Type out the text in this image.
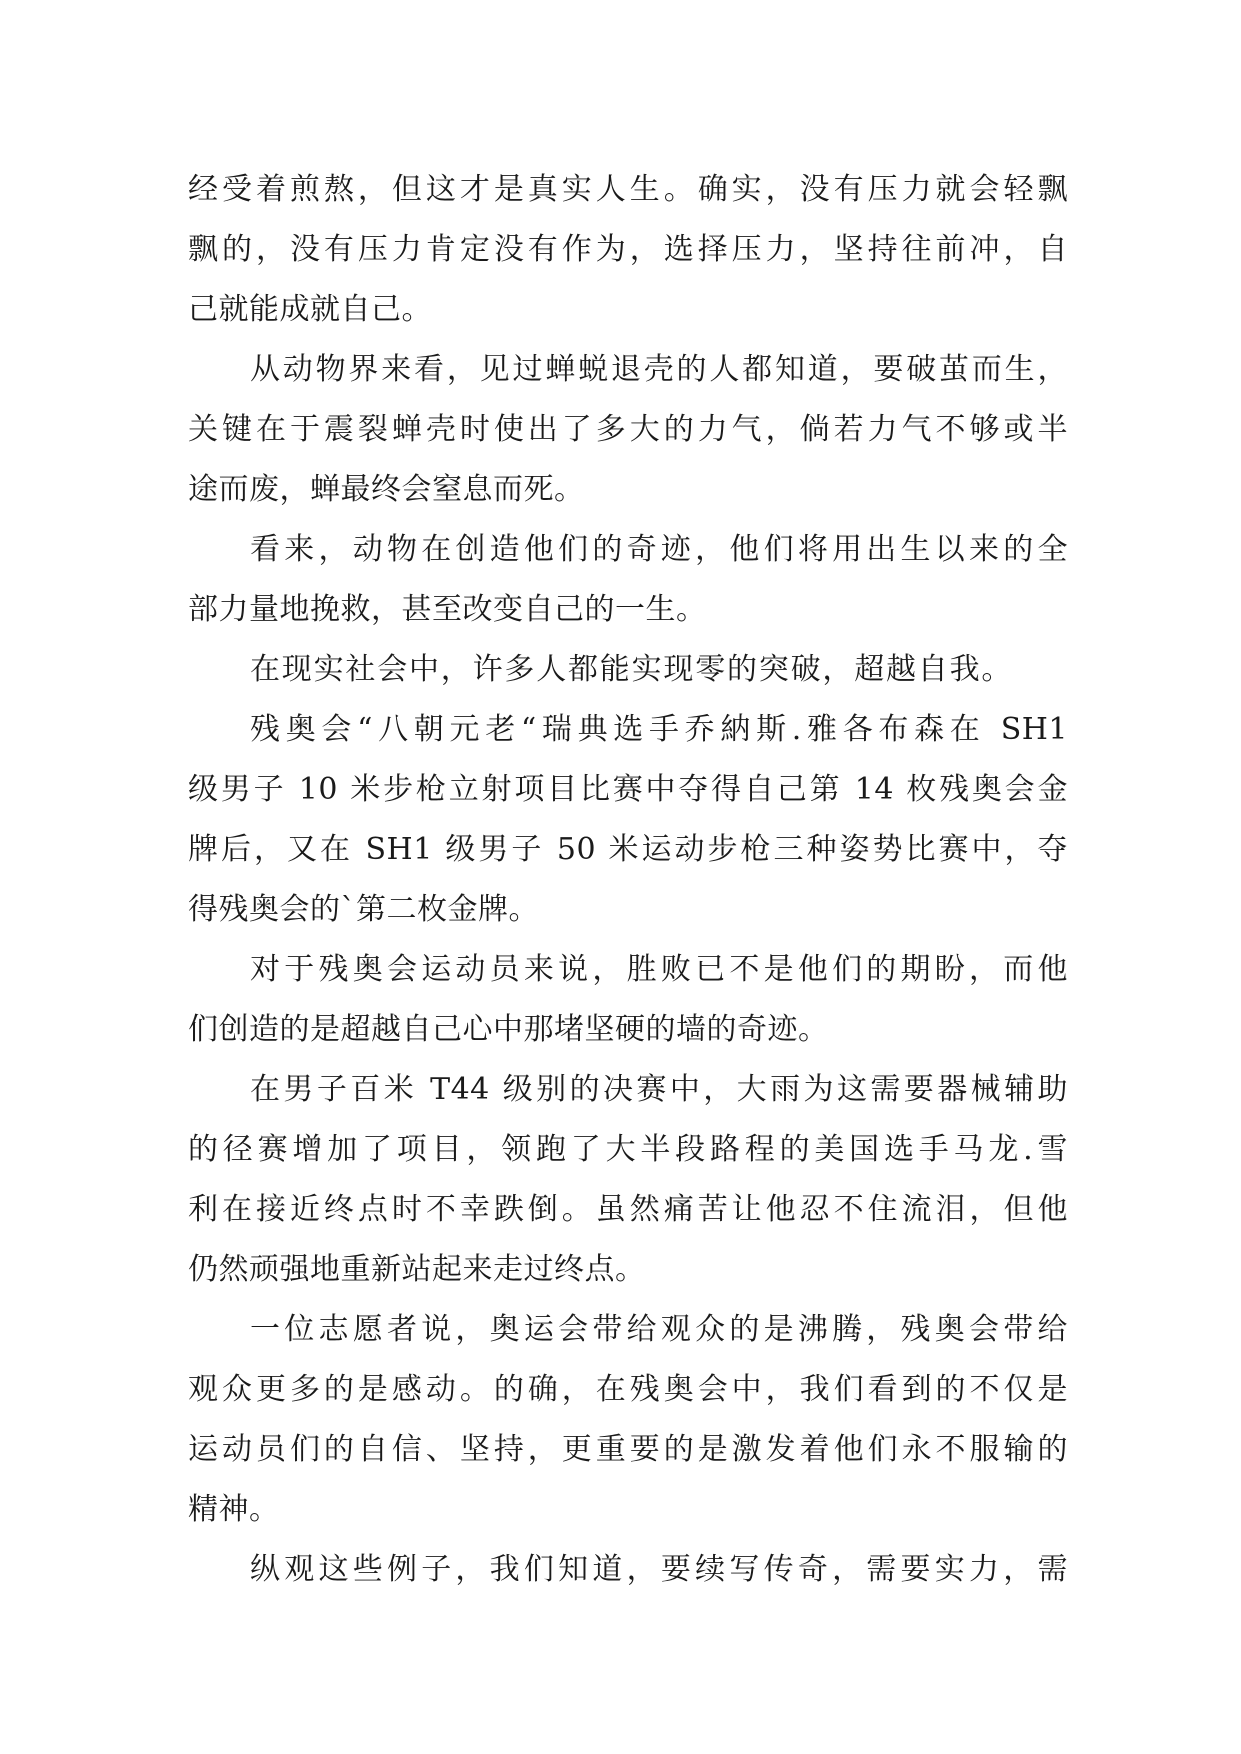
经受着煎熬，但这才是真实人生。确实，没有压力就会轻飘
飘的，没有压力肯定没有作为，选择压力，坚持往前冲，自
己就能成就自己。
从动物界来看，见过蝉蜕退壳的人都知道，要破茧而生，
关键在于震裂蝉壳时使出了多大的力气，倘若力气不够或半
途而废，蝉最终会窒息而死。
看来，动物在创造他们的奇迹，他们将用出生以来的全
部力量地挽救，甚至改变自己的一生。
在现实社会中，许多人都能实现零的突破，超越自我。
残奥会“八朝元老“瑞典选手乔納斯.雅各布森在 SH1
级男子 10 米步枪立射项目比赛中夺得自己第 14 枚残奥会金
牌后，又在 SH1 级男子 50 米运动步枪三种姿势比赛中，夺
得残奥会的`第二枚金牌。
对于残奥会运动员来说，胜败已不是他们的期盼，而他
们创造的是超越自己心中那堵坚硬的墙的奇迹。
在男子百米 T44 级别的决赛中，大雨为这需要器械辅助
的径赛增加了项目，领跑了大半段路程的美国选手马龙.雪
利在接近终点时不幸跌倒。虽然痛苦让他忍不住流泪，但他
仍然顽强地重新站起来走过终点。
一位志愿者说，奥运会带给观众的是沸腾，残奥会带给
观众更多的是感动。的确，在残奥会中，我们看到的不仅是
运动员们的自信、坚持，更重要的是激发着他们永不服输的
精神。
纵观这些例子，我们知道，要续写传奇，需要实力，需
